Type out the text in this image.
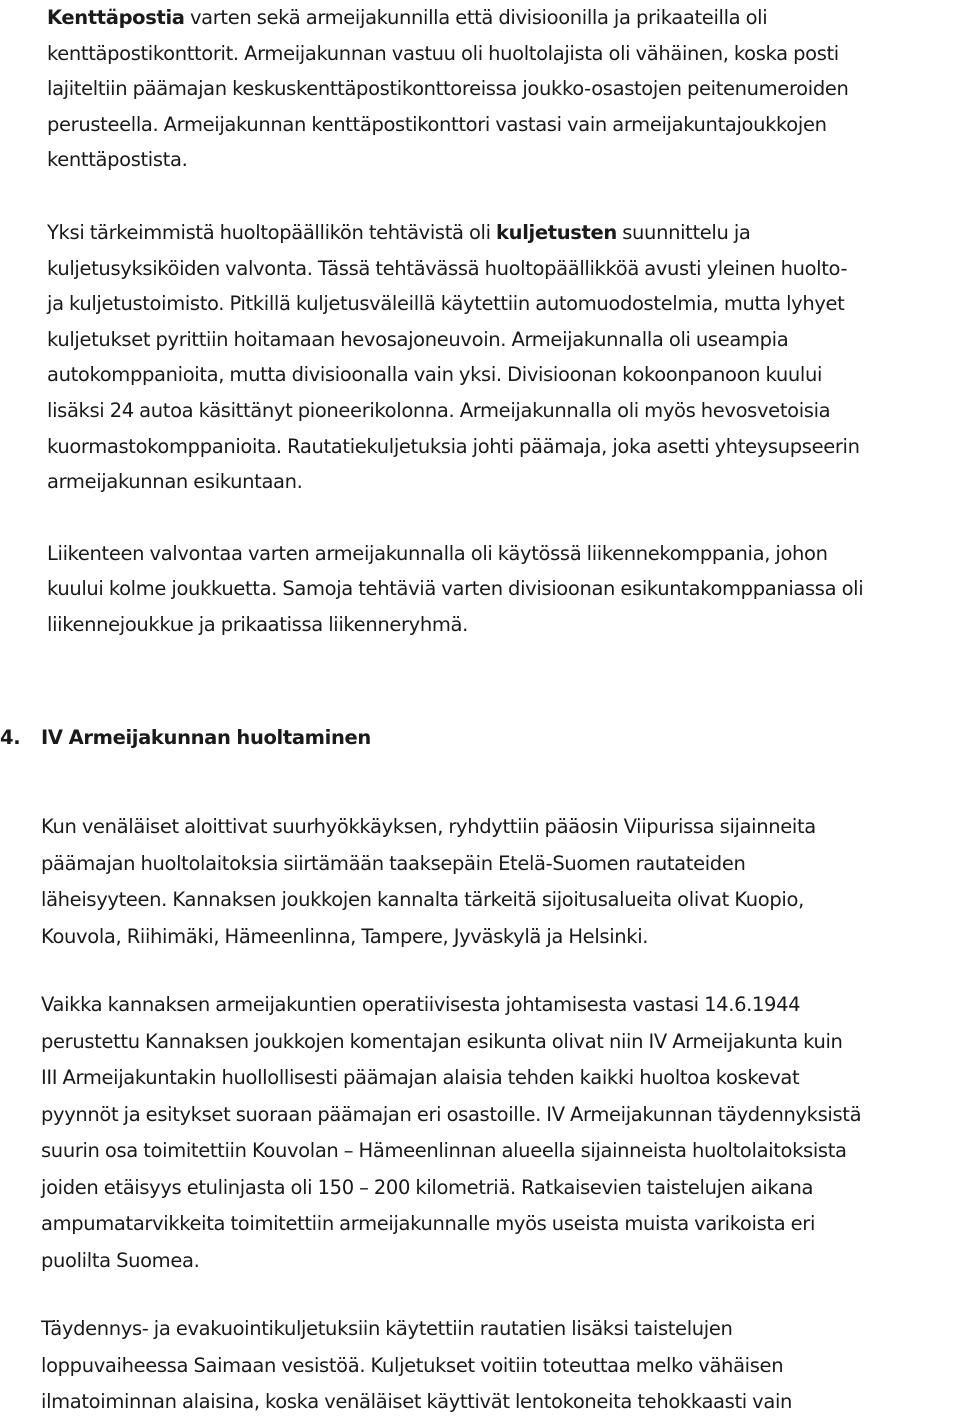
Kenttäpostia varten sekä armeijakunnilla että divisioonilla ja prikaateilla oli
kenttäpostikonttorit. Armeijakunnan vastuu oli huoltolajista oli vähäinen, koska posti
lajiteltiin päämajan keskuskenttäpostikonttoreissa joukko-osastojen peitenumeroiden
perusteella. Armeijakunnan kenttäpostikonttori vastasi vain armeijakuntajoukkojen
kenttäpostista.

Yksi tärkeimmistä huoltopäällikön tehtävistä oli kuljetusten suunnittelu ja
kuljetusyksiköiden valvonta. Tässä tehtävässä huoltopäällikköä avusti yleinen huolto-
ja kuljetustoimisto. Pitkillä kuljetusväleillä käytettiin automuodostelmia, mutta lyhyet
kuljetukset pyrittiin hoitamaan hevosajoneuvoin. Armeijakunnalla oli useampia
autokomppanioita, mutta divisioonalla vain yksi. Divisioonan kokoonpanoon kuului
lisäksi 24 autoa käsittänyt pioneerikolonna. Armeijakunnalla oli myös hevosvetoisia
kuormastokomppanioita. Rautatiekuljetuksia johti päämaja, joka asetti yhteysupseerin
armeijakunnan esikuntaan.

Liikenteen valvontaa varten armeijakunnalla oli käytössä liikennekomppania, johon
kuului kolme joukkuetta. Samoja tehtäviä varten divisioonan esikuntakomppaniassa oli
liikennejoukkue ja prikaatissa liikenneryhmä.

4. IV Armeijakunnan huoltaminen

Kun venäläiset aloittivat suurhyökkäyksen, ryhdyttiin pääosin Viipurissa sijainneita
päämajan huoltolaitoksia siirtämään taaksepäin Etelä-Suomen rautateiden
läheisyyteen. Kannaksen joukkojen kannalta tärkeitä sijoitusalueita olivat Kuopio,
Kouvola, Riihimäki, Hämeenlinna, Tampere, Jyväskylä ja Helsinki.

Vaikka kannaksen armeijakuntien operatiivisesta johtamisesta vastasi 14.6.1944
perustettu Kannaksen joukkojen komentajan esikunta olivat niin IV Armeijakunta kuin
III Armeijakuntakin huollollisesti päämajan alaisia tehden kaikki huoltoa koskevat
pyynnöt ja esitykset suoraan päämajan eri osastoille. IV Armeijakunnan täydennyksistä
suurin osa toimitettiin Kouvolan – Hämeenlinnan alueella sijainneista huoltolaitoksista
joiden etäisyys etulinjasta oli 150 – 200 kilometriä. Ratkaisevien taistelujen aikana
ampumatarvikkeita toimitettiin armeijakunnalle myös useista muista varikoista eri
puolilta Suomea.

Täydennys- ja evakuointikuljetuksiin käytettiin rautatien lisäksi taistelujen
loppuvaiheessa Saimaan vesistöä. Kuljetukset voitiin toteuttaa melko vähäisen
ilmatoiminnan alaisina, koska venäläiset käyttivät lentokoneita tehokkaasti vain
